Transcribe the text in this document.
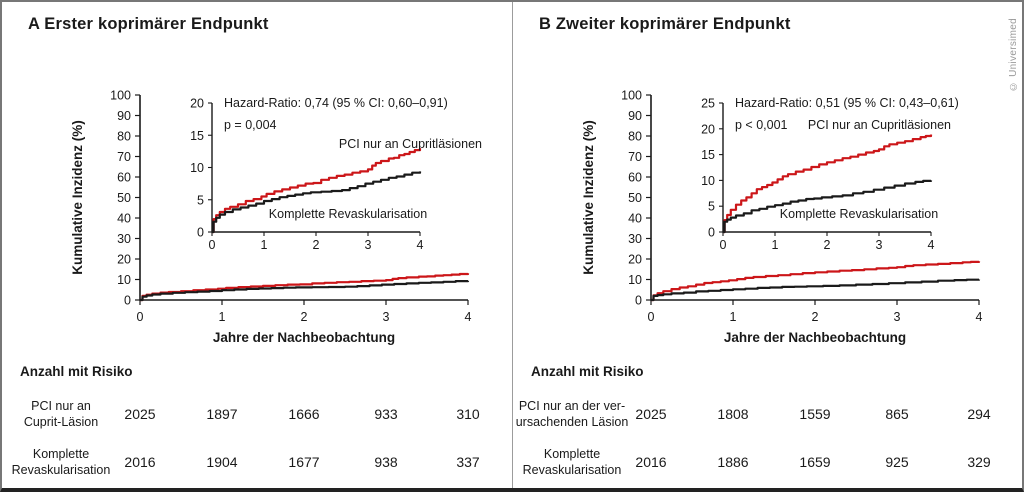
A Erster koprimärer Endpunkt
0
10
20
30
40
50
60
70
80
90
100
0	1	2	3	4
Kumulative Inzidenz (%)
Jahre der Nachbeobachtung
0
5
10
15
20
0	1	2	3	4
Hazard-Ratio: 0,74 (95 % CI: 0,60–0,91)
p = 0,004
PCI nur an Cupritläsionen
Komplette Revaskularisation
Anzahl mit Risiko
PCI nur an
Cuprit-Läsion	2025	1897	1666	933	310
Komplette
Revaskularisation	2016	1904	1677	938	337
B Zweiter koprimärer Endpunkt
0
10
20
30
40
50
60
70
80
90
100
0	1	2	3	4
Kumulative Inzidenz (%)
Jahre der Nachbeobachtung
0
5
10
15
20
25
0	1	2	3	4
Hazard-Ratio: 0,51 (95 % CI: 0,43–0,61)
p < 0,001 PCI nur an Cupritläsionen
Komplette Revaskularisation
Anzahl mit Risiko
PCI nur an der ver-
ursachenden Läsion 2025	1808	1559	865	294
Komplette
Revaskularisation	2016	1886	1659	925	329
© Universimed
